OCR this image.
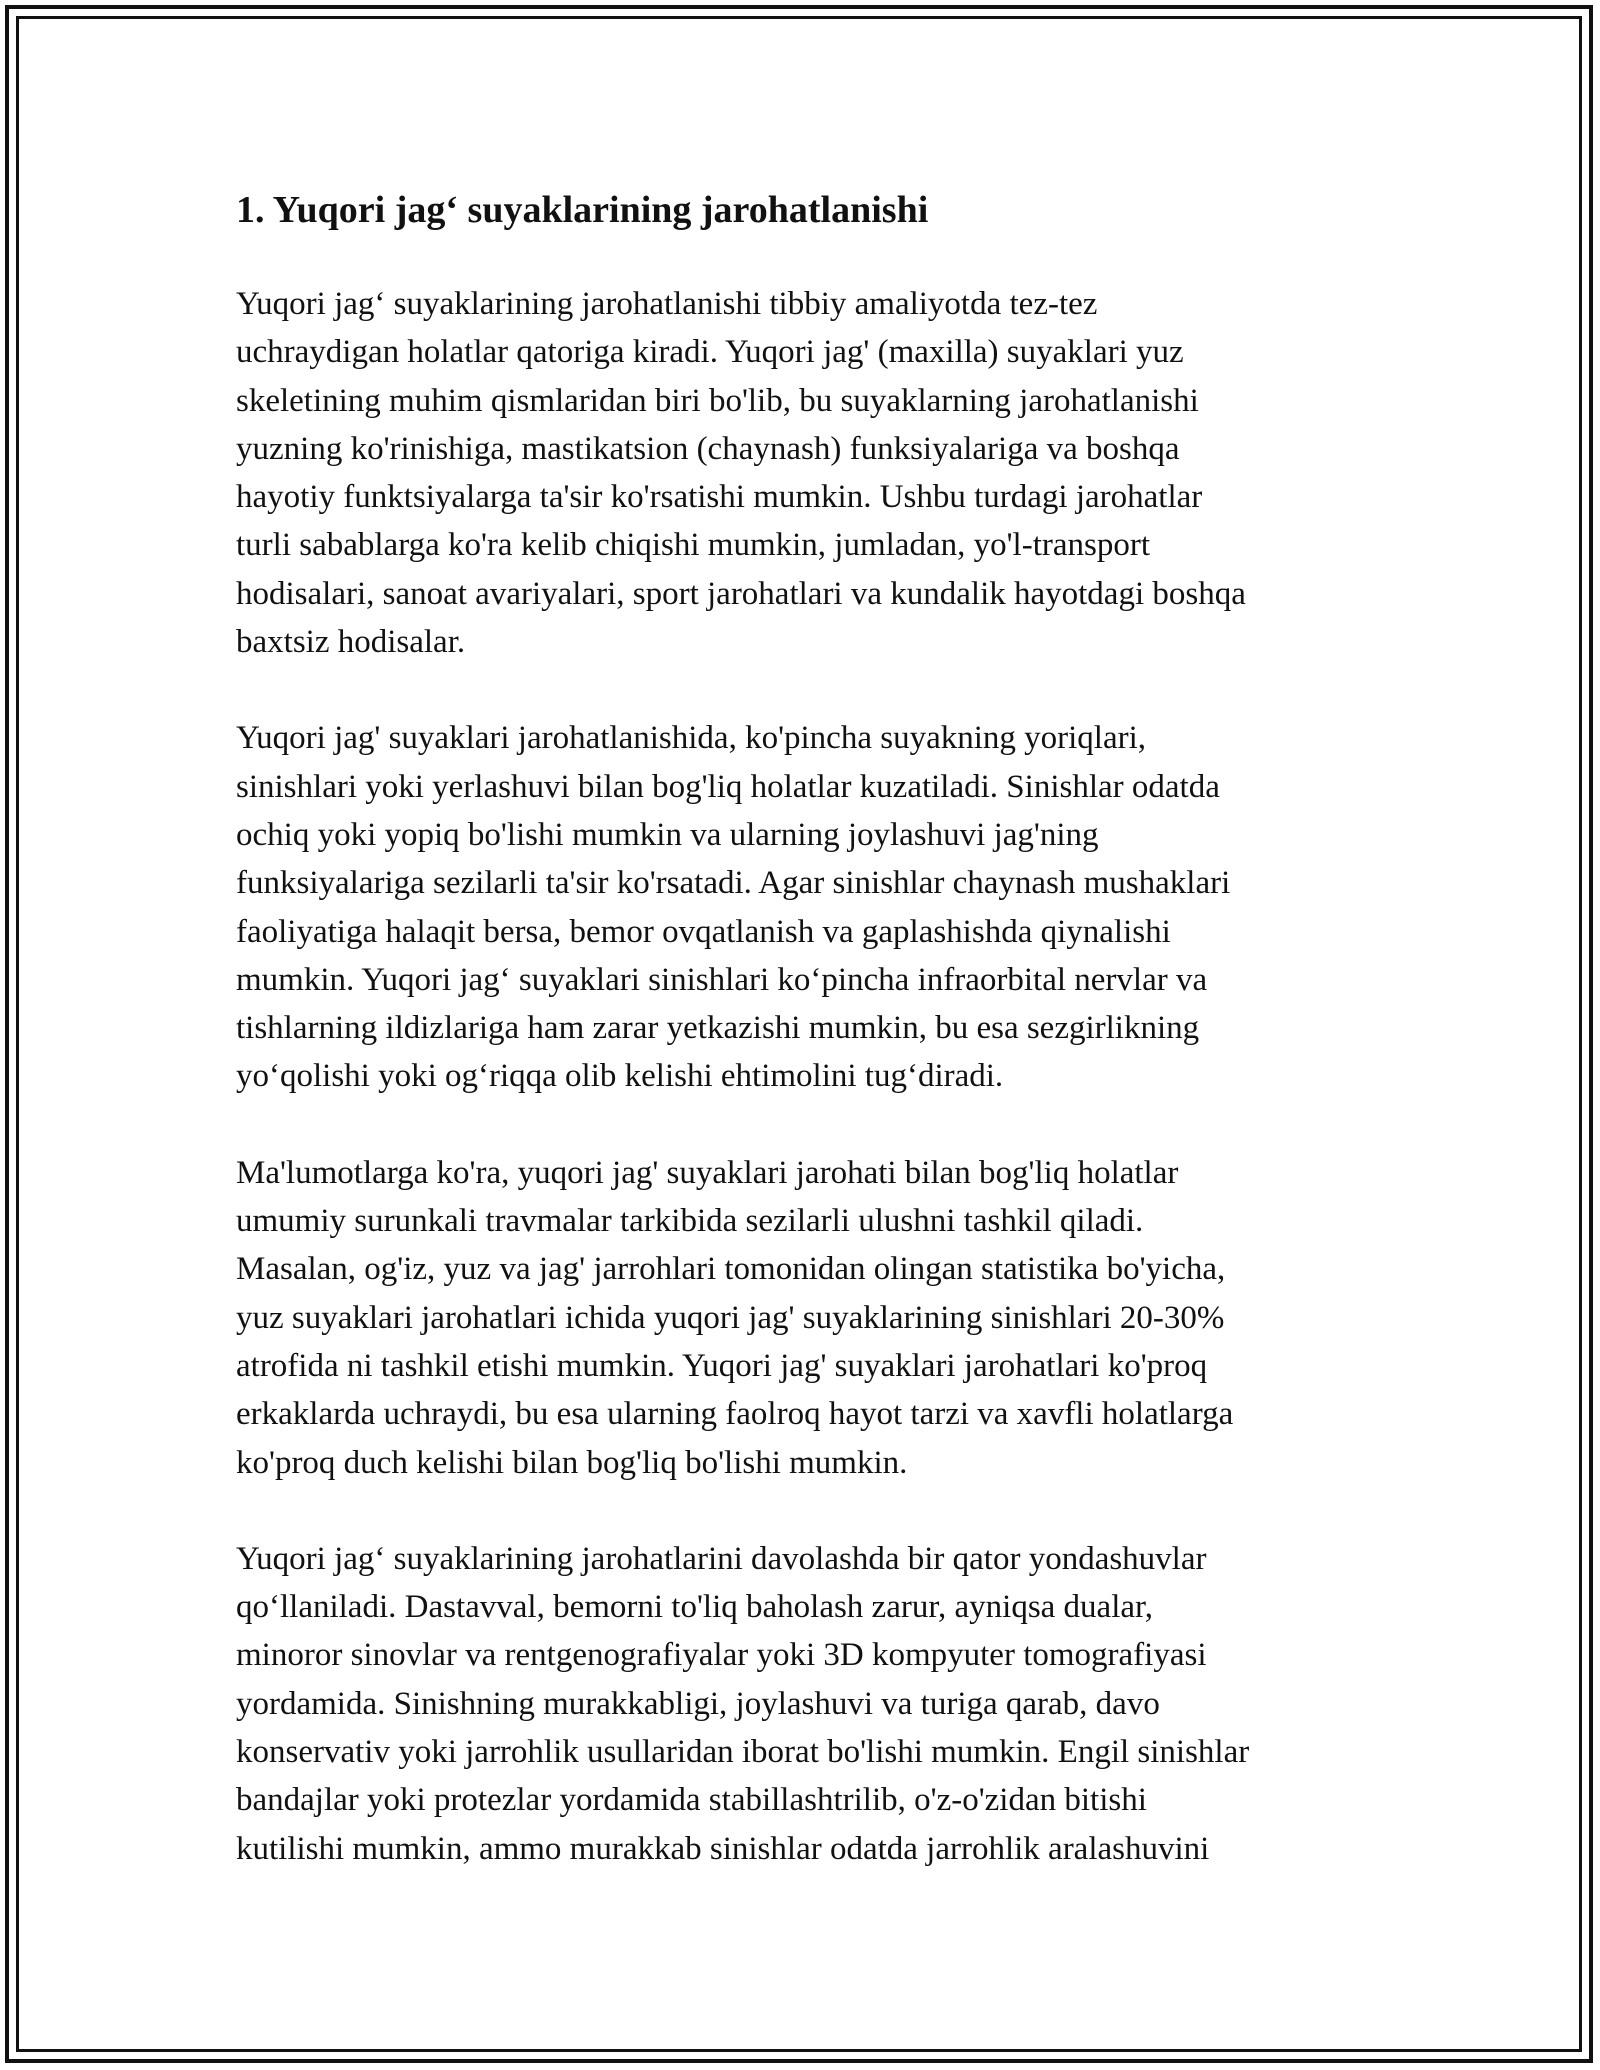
1. Yuqori jag‘ suyaklarining jarohatlanishi
Yuqori jag‘ suyaklarining jarohatlanishi tibbiy amaliyotda tez-tez
uchraydigan holatlar qatoriga kiradi. Yuqori jag' (maxilla) suyaklari yuz
skeletining muhim qismlaridan biri bo'lib, bu suyaklarning jarohatlanishi
yuzning ko'rinishiga, mastikatsion (chaynash) funksiyalariga va boshqa
hayotiy funktsiyalarga ta'sir ko'rsatishi mumkin. Ushbu turdagi jarohatlar
turli sabablarga ko'ra kelib chiqishi mumkin, jumladan, yo'l-transport
hodisalari, sanoat avariyalari, sport jarohatlari va kundalik hayotdagi boshqa
baxtsiz hodisalar.
Yuqori jag' suyaklari jarohatlanishida, ko'pincha suyakning yoriqlari,
sinishlari yoki yerlashuvi bilan bog'liq holatlar kuzatiladi. Sinishlar odatda
ochiq yoki yopiq bo'lishi mumkin va ularning joylashuvi jag'ning
funksiyalariga sezilarli ta'sir ko'rsatadi. Agar sinishlar chaynash mushaklari
faoliyatiga halaqit bersa, bemor ovqatlanish va gaplashishda qiynalishi
mumkin. Yuqori jag‘ suyaklari sinishlari ko‘pincha infraorbital nervlar va
tishlarning ildizlariga ham zarar yetkazishi mumkin, bu esa sezgirlikning
yo‘qolishi yoki og‘riqqa olib kelishi ehtimolini tug‘diradi.
Ma'lumotlarga ko'ra, yuqori jag' suyaklari jarohati bilan bog'liq holatlar
umumiy surunkali travmalar tarkibida sezilarli ulushni tashkil qiladi.
Masalan, og'iz, yuz va jag' jarrohlari tomonidan olingan statistika bo'yicha,
yuz suyaklari jarohatlari ichida yuqori jag' suyaklarining sinishlari 20-30%
atrofida ni tashkil etishi mumkin. Yuqori jag' suyaklari jarohatlari ko'proq
erkaklarda uchraydi, bu esa ularning faolroq hayot tarzi va xavfli holatlarga
ko'proq duch kelishi bilan bog'liq bo'lishi mumkin.
Yuqori jag‘ suyaklarining jarohatlarini davolashda bir qator yondashuvlar
qo‘llaniladi. Dastavval, bemorni to'liq baholash zarur, ayniqsa dualar,
minoror sinovlar va rentgenografiyalar yoki 3D kompyuter tomografiyasi
yordamida. Sinishning murakkabligi, joylashuvi va turiga qarab, davo
konservativ yoki jarrohlik usullaridan iborat bo'lishi mumkin. Engil sinishlar
bandajlar yoki protezlar yordamida stabillashtrilib, o'z-o'zidan bitishi
kutilishi mumkin, ammo murakkab sinishlar odatda jarrohlik aralashuvini
